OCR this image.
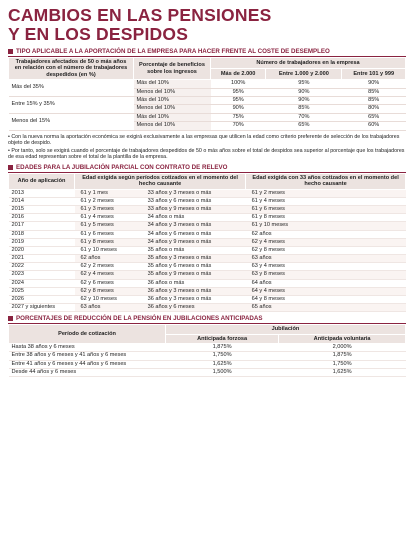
CAMBIOS EN LAS PENSIONES
Y EN LOS DESPIDOS
TIPO APLICABLE A LA APORTACIÓN DE LA EMPRESA PARA HACER FRENTE AL COSTE DE DESEMPLEO
Trabajadores afectados de 50 o más años en relación con el número de trabajadores despedidos (en %)	Porcentaje de beneficios sobre los ingresos	Número de trabajadores en la empresa		
		Más de 2.000	Entre 1.000 y 2.000	Entre 101 y 999
Más del 35%	Más del 10%	100%	95%	90%
	Menos del 10%	95%	90%	85%
Entre 15% y 35%	Más del 10%	95%	90%	85%
	Menos del 10%	90%	85%	80%
Menos del 15%	Más del 10%	75%	70%	65%
	Menos del 10%	70%	65%	60%
• Con la nueva norma la aportación económica se exigirá exclusivamente a las empresas que utilicen la edad como criterio preferente de selección de los trabajadores objeto de despido.
• Por tanto, solo se exigirá cuando el porcentaje de trabajadores despedidos de 50 o más años sobre el total de despidos sea superior al porcentaje que los trabajadores de esa edad representan sobre el total de la plantilla de la empresa.
EDADES PARA LA JUBILACIÓN PARCIAL CON CONTRATO DE RELEVO
Año de aplicación	Edad exigida según períodos cotizados en el momento del hecho causante		Edad exigida con 33 años cotizados en el momento del hecho causante
2013	61 y 1 mes	33 años y 3 meses o más	61 y 2 meses
2014	61 y 2 meses	33 años y 6 meses o más	61 y 4 meses
2015	61 y 3 meses	33 años y 9 meses o más	61 y 6 meses
2016	61 y 4 meses	34 años o más	61 y 8 meses
2017	61 y 5 meses	34 años y 3 meses o más	61 y 10 meses
2018	61 y 6 meses	34 años y 6 meses o más	62 años
2019	61 y 8 meses	34 años y 9 meses o más	62 y 4 meses
2020	61 y 10 meses	35 años o más	62 y 8 meses
2021	62 años	35 años y 3 meses o más	63 años
2022	62 y 2 meses	35 años y 6 meses o más	63 y 4 meses
2023	62 y 4 meses	35 años y 9 meses o más	63 y 8 meses
2024	62 y 6 meses	36 años o más	64 años
2025	62 y 8 meses	36 años y 3 meses o más	64 y 4 meses
2026	62 y 10 meses	36 años y 3 meses o más	64 y 8 meses
2027 y siguientes	63 años	36 años y 6 meses	65 años
PORCENTAJES DE REDUCCIÓN DE LA PENSIÓN EN JUBILACIONES ANTICIPADAS
Período de cotización	Jubilación	
	Anticipada forzosa	Anticipada voluntaria
Hasta 38 años y 6 meses	1,875%	2,000%
Entre 38 años y 6 meses y 41 años y 6 meses	1,750%	1,875%
Entre 41 años y 6 meses y 44 años y 6 meses	1,625%	1,750%
Desde 44 años y 6 meses	1,500%	1,625%
